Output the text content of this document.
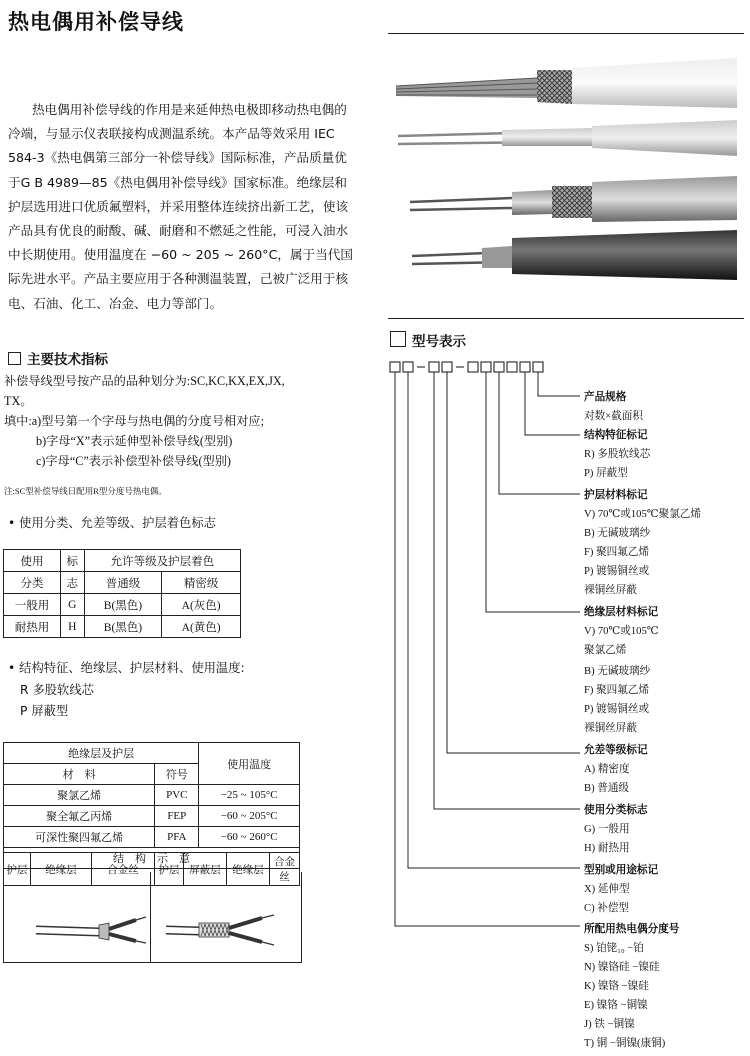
热电偶用补偿导线
热电偶用补偿导线的作用是来延伸热电极即移动热电偶的冷端，与显示仪表联接构成测温系统。本产品等效采用 IEC 584-3《热电偶第三部分一补偿导线》国际标准，产品质量优于G B 4989—85《热电偶用补偿导线》国家标准。绝缘层和护层选用进口优质氟塑料，并采用整体连续挤出新工艺，使该产品具有优良的耐酸、碱、耐磨和不燃延之性能，可浸入油水中长期使用。使用温度在 −60 ~ 205 ~ 260°C，属于当代国际先进水平。产品主要应用于各种测温装置，己被广泛用于核电、石油、化工、冶金、电力等部门。
主要技术指标
补偿导线型号按产品的品种划分为:SC,KC,KX,EX,JX,
TX。
填中:a)型号第一个字母与热电偶的分度号相对应;
b)字母“X”表示延伸型补偿导线(型别)
c)字母“C”表示补偿型补偿导线(型别)
注:SC型补偿导线日配用R型分度号热电偶。
• 使用分类、允差等级、护层着色标志
使用	标	允许等级及护层着色	
分类	志	普通级	精密级
一般用	G	B(黑色)	A(灰色)
耐热用	H	B(黑色)	A(黄色)
• 结构特征、绝缘层、护层材料、使用温度:
R 多股软线芯
P 屏蔽型
绝缘层及护层		使用温度
材　料	符号	
聚氯乙烯	PVC	−25 ~ 105°C
聚全氟乙丙烯	FEP	−60 ~ 205°C
可深性聚四氟乙烯	PFA	−60 ~ 260°C
结　构　示　意		
护层	绝缘层	合金丝	护层	屏蔽层	绝缘层	合金丝
型号表示
产品规格
对数×截面积
结构特征标记
R) 多股软线芯
P) 屏蔽型
护层材料标记
V) 70℃或105℃聚氯乙烯
B) 无碱玻璃纱
F) 聚四氟乙烯
P) 镀锡铜丝或
裸铜丝屏蔽
绝缘层材料标记
V) 70℃或105℃
聚氯乙烯
B) 无碱玻璃纱
F) 聚四氟乙烯
P) 镀锡铜丝或
裸铜丝屏蔽
允差等级标记
A) 精密度
B) 普通级
使用分类标志
G) 一般用
H) 耐热用
型别或用途标记
X) 延伸型
C) 补偿型
所配用热电偶分度号
S) 铂铑₁₀ −铂
N) 镍铬硅 −镍硅
K) 镍铬 −镍硅
E) 镍铬 −铜镍
J) 铁 −铜镍
T) 铜 −铜镍(康铜)
